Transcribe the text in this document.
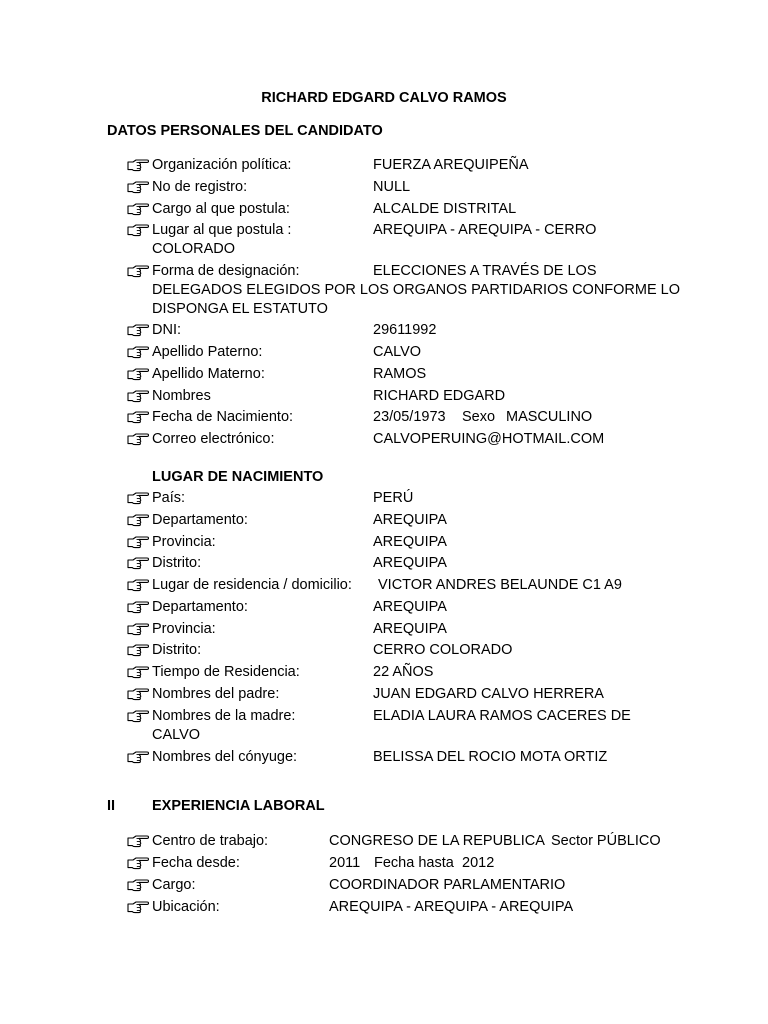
RICHARD EDGARD CALVO RAMOS
DATOS PERSONALES DEL CANDIDATO
Organización política:	FUERZA AREQUIPEÑA
No de registro:	NULL
Cargo al que postula:	ALCALDE DISTRITAL
Lugar al que postula :	AREQUIPA - AREQUIPA - CERRO
COLORADO
Forma de designación:	ELECCIONES A TRAVÉS DE LOS
DELEGADOS ELEGIDOS POR LOS ORGANOS PARTIDARIOS CONFORME LO
DISPONGA EL ESTATUTO
DNI:	29611992
Apellido Paterno:	CALVO
Apellido Materno:	RAMOS
Nombres	RICHARD EDGARD
Fecha de Nacimiento:	23/05/1973 Sexo MASCULINO
Correo electrónico:	CALVOPERUING@HOTMAIL.COM
LUGAR DE NACIMIENTO
País:	PERÚ
Departamento:	AREQUIPA
Provincia:	AREQUIPA
Distrito:	AREQUIPA
Lugar de residencia / domicilio: VICTOR ANDRES BELAUNDE C1 A9
Departamento:	AREQUIPA
Provincia:	AREQUIPA
Distrito:	CERRO COLORADO
Tiempo de Residencia:	22 AÑOS
Nombres del padre:	JUAN EDGARD CALVO HERRERA
Nombres de la madre:	ELADIA LAURA RAMOS CACERES DE
CALVO
Nombres del cónyuge:	BELISSA DEL ROCIO MOTA ORTIZ
II	EXPERIENCIA LABORAL
Centro de trabajo:	CONGRESO DE LA REPUBLICA Sector PÚBLICO
Fecha desde:	2011 Fecha hasta 2012
Cargo:	COORDINADOR PARLAMENTARIO
Ubicación:	AREQUIPA - AREQUIPA - AREQUIPA
